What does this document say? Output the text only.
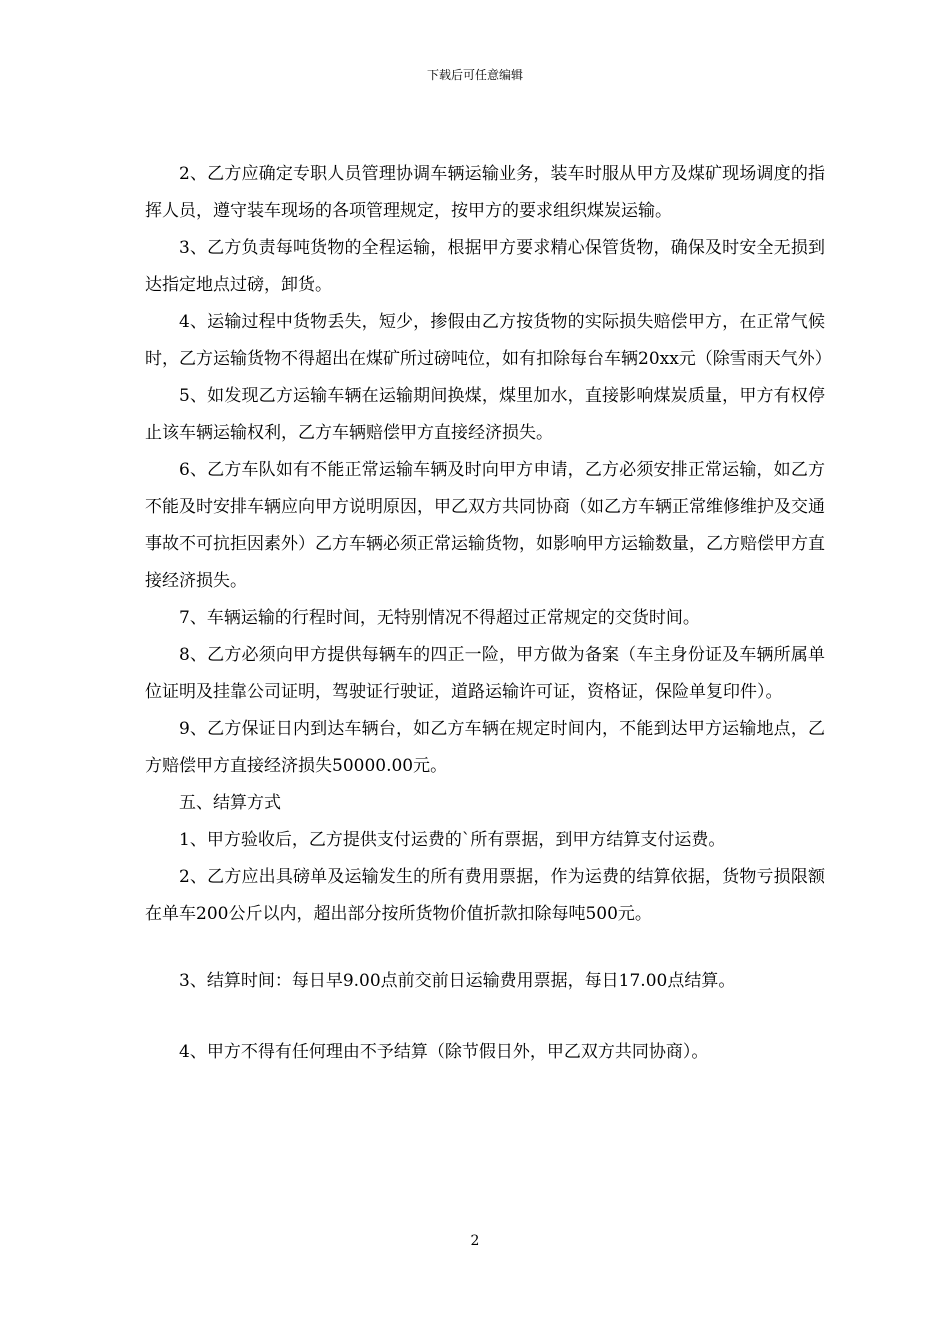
下载后可任意编辑

2、乙方应确定专职人员管理协调车辆运输业务，装车时服从甲方及煤矿现场调度的指挥人员，遵守装车现场的各项管理规定，按甲方的要求组织煤炭运输。

3、乙方负责每吨货物的全程运输，根据甲方要求精心保管货物，确保及时安全无损到达指定地点过磅，卸货。

4、运输过程中货物丢失，短少，掺假由乙方按货物的实际损失赔偿甲方，在正常气候时，乙方运输货物不得超出在煤矿所过磅吨位，如有扣除每台车辆20xx元（除雪雨天气外）

5、如发现乙方运输车辆在运输期间换煤，煤里加水，直接影响煤炭质量，甲方有权停止该车辆运输权利，乙方车辆赔偿甲方直接经济损失。

6、乙方车队如有不能正常运输车辆及时向甲方申请，乙方必须安排正常运输，如乙方不能及时安排车辆应向甲方说明原因，甲乙双方共同协商（如乙方车辆正常维修维护及交通事故不可抗拒因素外）乙方车辆必须正常运输货物，如影响甲方运输数量，乙方赔偿甲方直接经济损失。

7、车辆运输的行程时间，无特别情况不得超过正常规定的交货时间。

8、乙方必须向甲方提供每辆车的四正一险，甲方做为备案（车主身份证及车辆所属单位证明及挂靠公司证明，驾驶证行驶证，道路运输许可证，资格证，保险单复印件）。

9、乙方保证日内到达车辆台，如乙方车辆在规定时间内，不能到达甲方运输地点，乙方赔偿甲方直接经济损失50000.00元。

五、结算方式

1、甲方验收后，乙方提供支付运费的`所有票据，到甲方结算支付运费。

2、乙方应出具磅单及运输发生的所有费用票据，作为运费的结算依据，货物亏损限额在单车200公斤以内，超出部分按所货物价值折款扣除每吨500元。

3、结算时间：每日早9.00点前交前日运输费用票据，每日17.00点结算。

4、甲方不得有任何理由不予结算（除节假日外，甲乙双方共同协商）。

2
